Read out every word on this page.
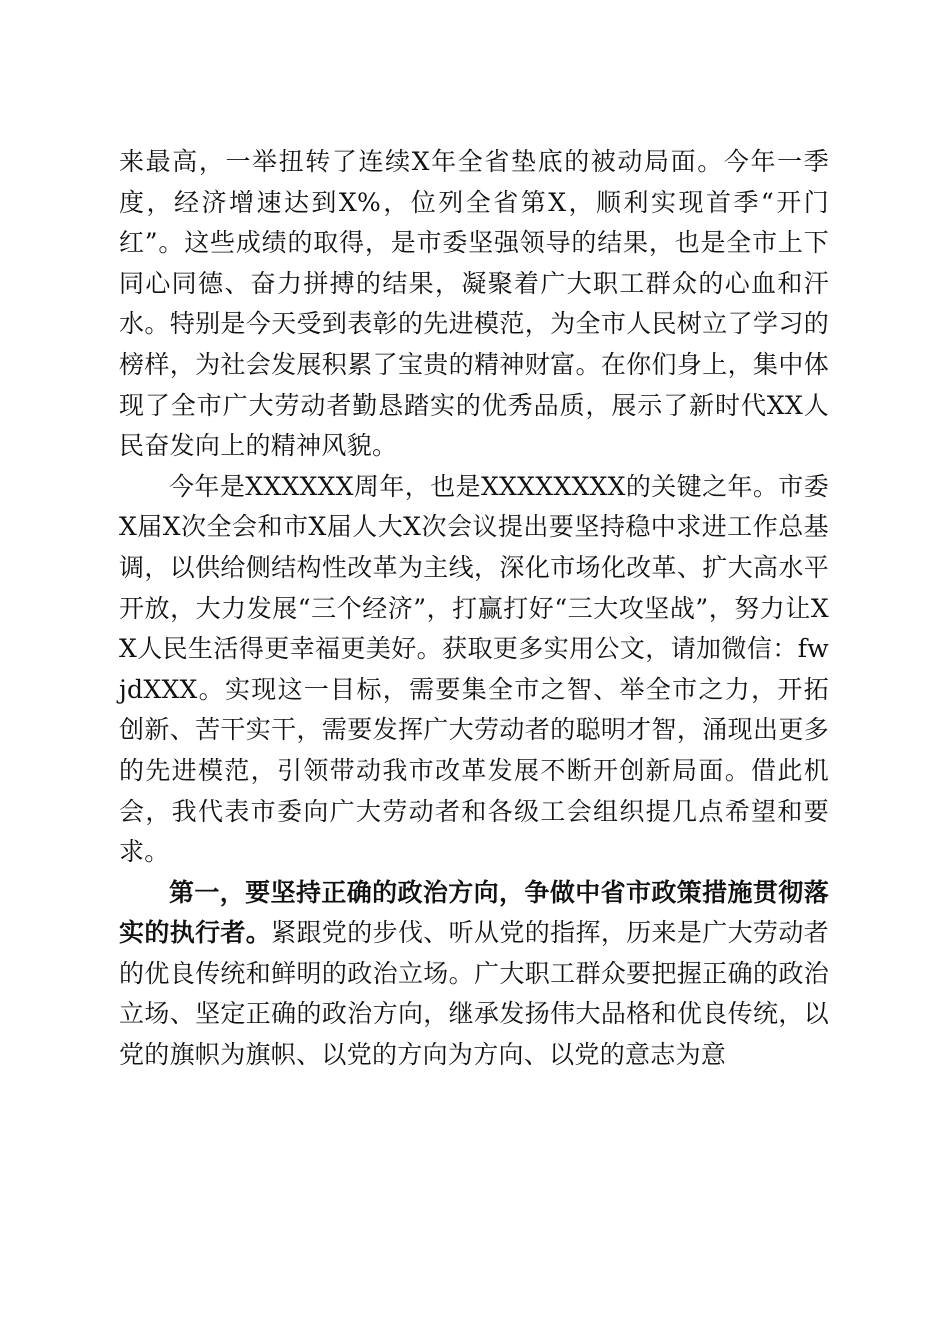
来最高，一举扭转了连续X年全省垫底的被动局面。今年一季度，经济增速达到X%，位列全省第X，顺利实现首季“开门红”。这些成绩的取得，是市委坚强领导的结果，也是全市上下同心同德、奋力拼搏的结果，凝聚着广大职工群众的心血和汗水。特别是今天受到表彰的先进模范，为全市人民树立了学习的榜样，为社会发展积累了宝贵的精神财富。在你们身上，集中体现了全市广大劳动者勤恳踏实的优秀品质，展示了新时代XX人民奋发向上的精神风貌。

今年是XXXXXX周年，也是XXXXXXXX的关键之年。市委X届X次全会和市X届人大X次会议提出要坚持稳中求进工作总基调，以供给侧结构性改革为主线，深化市场化改革、扩大高水平开放，大力发展“三个经济”，打赢打好“三大攻坚战”，努力让XX人民生活得更幸福更美好。获取更多实用公文，请加微信：fwjdXXX。实现这一目标，需要集全市之智、举全市之力，开拓创新、苦干实干，需要发挥广大劳动者的聪明才智，涌现出更多的先进模范，引领带动我市改革发展不断开创新局面。借此机会，我代表市委向广大劳动者和各级工会组织提几点希望和要求。

第一，要坚持正确的政治方向，争做中省市政策措施贯彻落实的执行者。紧跟党的步伐、听从党的指挥，历来是广大劳动者的优良传统和鲜明的政治立场。广大职工群众要把握正确的政治立场、坚定正确的政治方向，继承发扬伟大品格和优良传统，以党的旗帜为旗帜、以党的方向为方向、以党的意志为意
